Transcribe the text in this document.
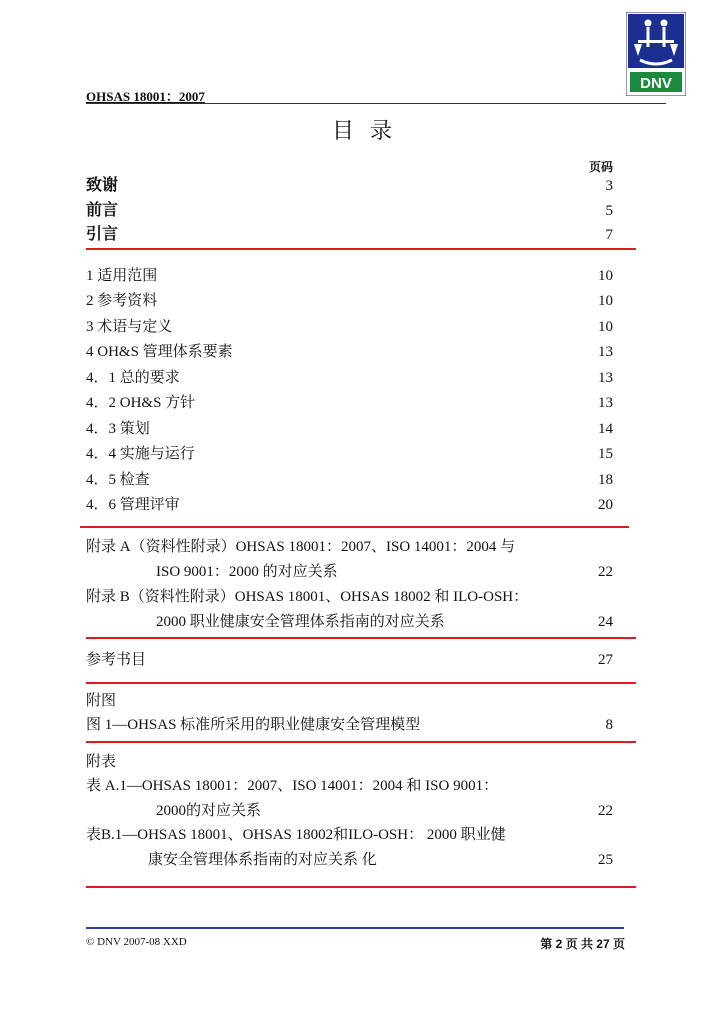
DNV
OHSAS 18001：2007
目录
页码
致谢	3
前言	5
引言	7
1 适用范围	10
2 参考资料	10
3 术语与定义	10
4 OH&S 管理体系要素	13
4．1 总的要求	13
4．2 OH&S 方针	13
4．3 策划	14
4．4 实施与运行	15
4．5 检查	18
4．6 管理评审	20
附录 A（资料性附录）OHSAS 18001：2007、ISO 14001：2004 与
ISO 9001：2000 的对应关系	22
附录 B（资料性附录）OHSAS 18001、OHSAS 18002 和 ILO-OSH：
2000 职业健康安全管理体系指南的对应关系	24
参考书目	27
附图
图 1—OHSAS 标准所采用的职业健康安全管理模型	8
附表
表 A.1—OHSAS 18001：2007、ISO 14001：2004 和 ISO 9001：
2000的对应关系	22
表B.1—OHSAS 18001、OHSAS 18002和ILO-OSH： 2000 职业健
康安全管理体系指南的对应关系 化	25
© DNV 2007-08 XXD	第 2 页 共 27 页
